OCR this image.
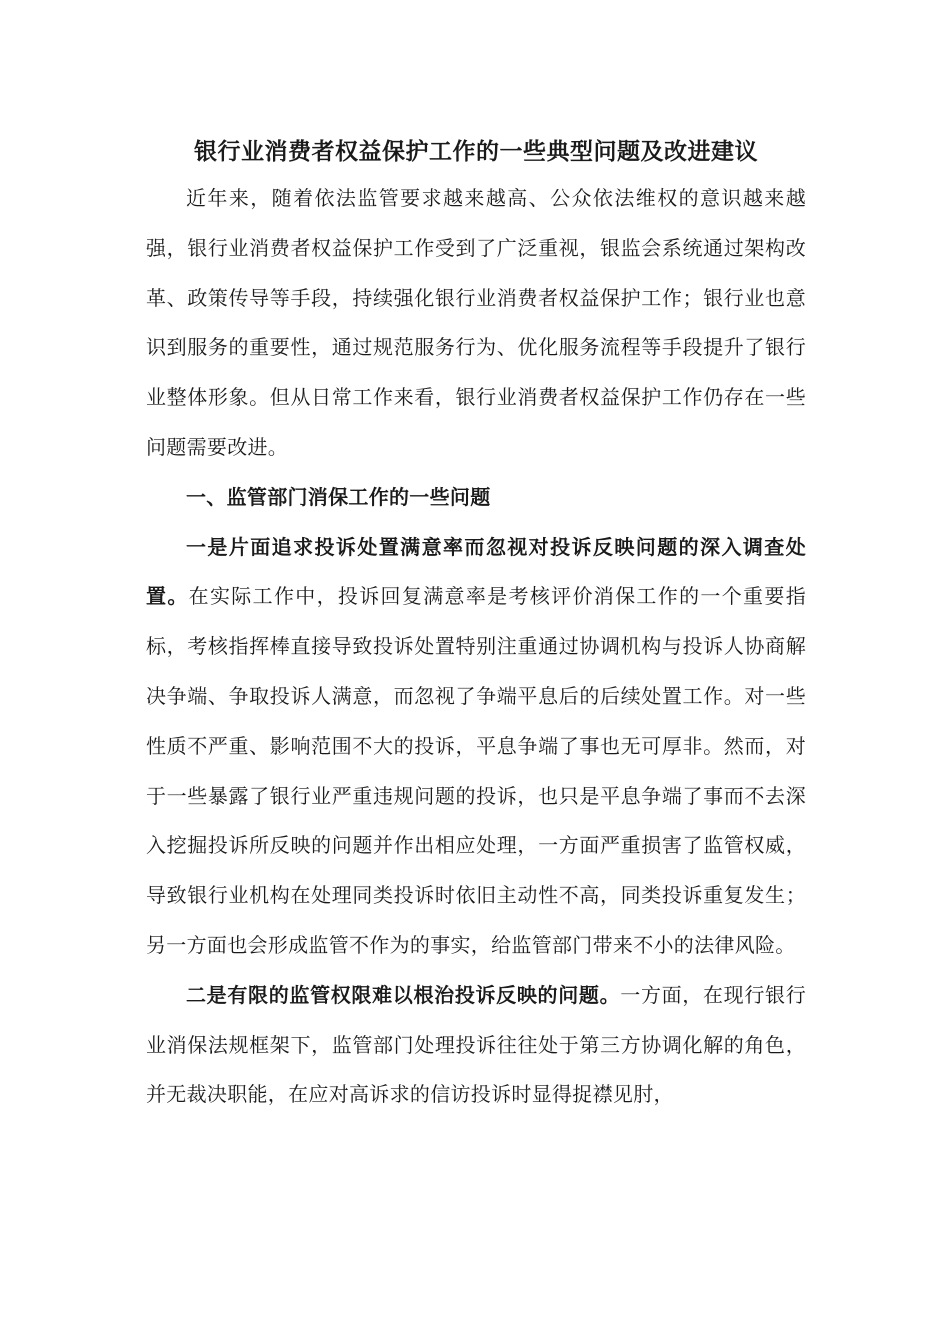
银行业消费者权益保护工作的一些典型问题及改进建议

近年来，随着依法监管要求越来越高、公众依法维权的意识越来越强，银行业消费者权益保护工作受到了广泛重视，银监会系统通过架构改革、政策传导等手段，持续强化银行业消费者权益保护工作；银行业也意识到服务的重要性，通过规范服务行为、优化服务流程等手段提升了银行业整体形象。但从日常工作来看，银行业消费者权益保护工作仍存在一些问题需要改进。

一、监管部门消保工作的一些问题

一是片面追求投诉处置满意率而忽视对投诉反映问题的深入调查处置。在实际工作中，投诉回复满意率是考核评价消保工作的一个重要指标，考核指挥棒直接导致投诉处置特别注重通过协调机构与投诉人协商解决争端、争取投诉人满意，而忽视了争端平息后的后续处置工作。对一些性质不严重、影响范围不大的投诉，平息争端了事也无可厚非。然而，对于一些暴露了银行业严重违规问题的投诉，也只是平息争端了事而不去深入挖掘投诉所反映的问题并作出相应处理，一方面严重损害了监管权威，导致银行业机构在处理同类投诉时依旧主动性不高，同类投诉重复发生；另一方面也会形成监管不作为的事实，给监管部门带来不小的法律风险。

二是有限的监管权限难以根治投诉反映的问题。一方面，在现行银行业消保法规框架下，监管部门处理投诉往往处于第三方协调化解的角色，并无裁决职能，在应对高诉求的信访投诉时显得捉襟见肘，
